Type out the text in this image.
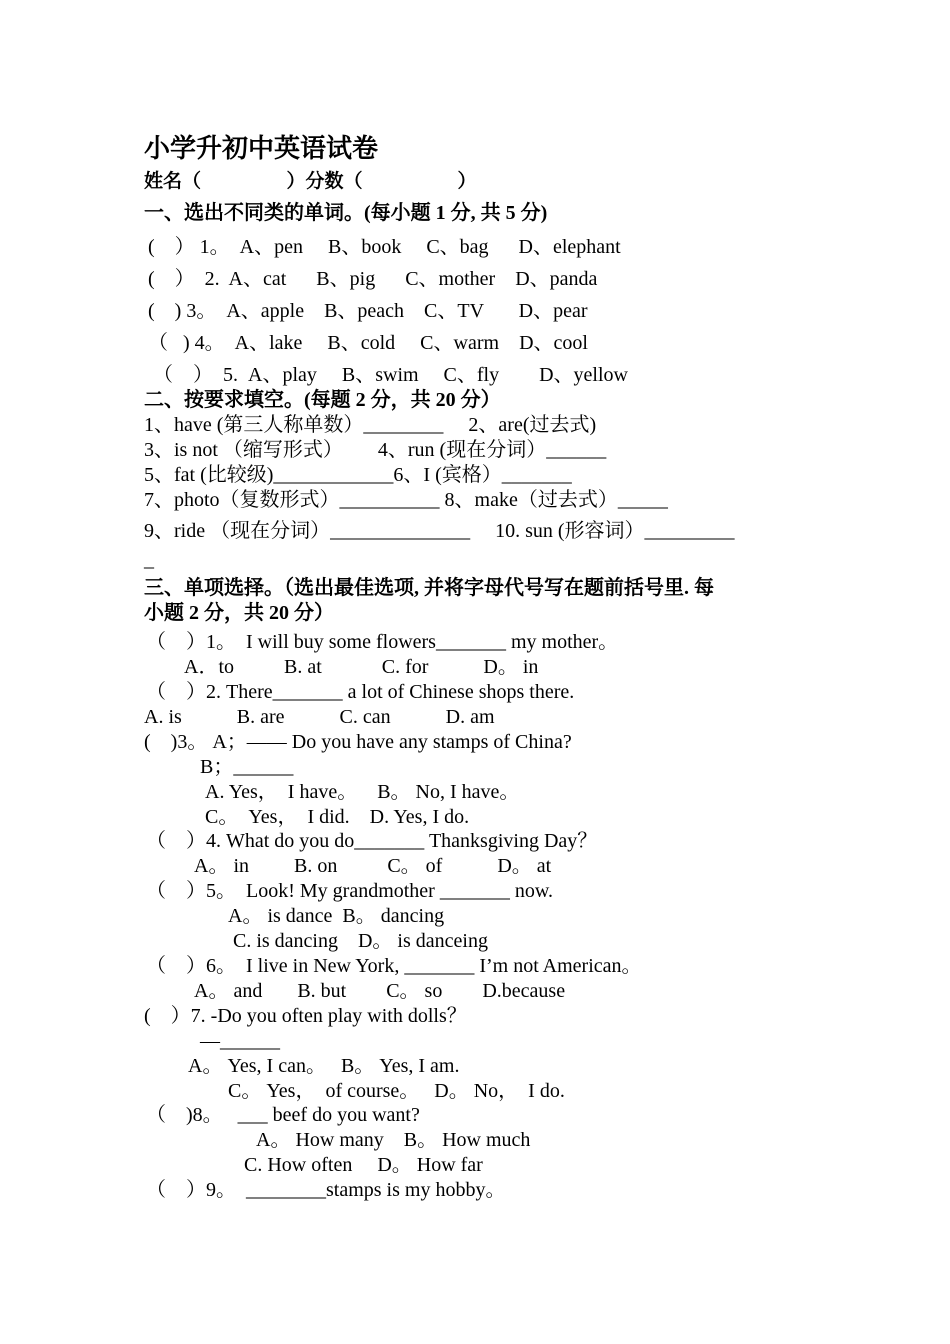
小学升初中英语试卷
姓名（                  ）分数（                    ）
一、选出不同类的单词。(每小题 1 分, 共 5 分)
(    ） 1。  A、pen     B、book     C、bag      D、elephant
(    ）  2.  A、cat      B、pig      C、mother    D、panda
(    ) 3。  A、apple    B、peach    C、TV       D、pear
（   ) 4。  A、lake     B、cold     C、warm    D、cool
（    ）  5.  A、play     B、swim     C、fly        D、yellow
二、按要求填空。(每题 2 分，共 20 分）
1、have (第三人称单数）________     2、are(过去式)
3、is not （缩写形式）       4、run (现在分词）______
5、fat (比较级)____________6、I (宾格）_______
7、photo（复数形式）__________ 8、make（过去式）_____
9、ride （现在分词）______________     10. sun (形容词）_________
_
三、单项选择。（选出最佳选项, 并将字母代号写在题前括号里. 每
小题 2 分，共 20 分）
（    ）1。  I will buy some flowers_______ my mother。
A．to          B. at            C. for           D。 in
（    ）2. There_______ a lot of Chinese shops there.
A. is           B. are           C. can           D. am
(    )3。 A；—— Do you have any stamps of China?
B；______
A. Yes，  I have。    B。 No, I have。
C。  Yes，  I did.    D. Yes, I do.
（    ）4. What do you do_______ Thanksgiving Day？
A。 in         B. on          C。 of           D。 at
（    ）5。  Look! My grandmother _______ now.
A。 is dance  B。 dancing
C. is dancing    D。 is danceing
（    ）6。  I live in New York, _______ I’m not American。
A。 and       B. but        C。 so        D.because
(    ）7. -Do you often play with dolls？
—______
A。 Yes, I can。   B。 Yes, I am.
C。 Yes，  of course。   D。 No，  I do.
（    )8。   ___ beef do you want?
A。 How many    B。 How much
C. How often     D。 How far
（    ）9。  ________stamps is my hobby。
